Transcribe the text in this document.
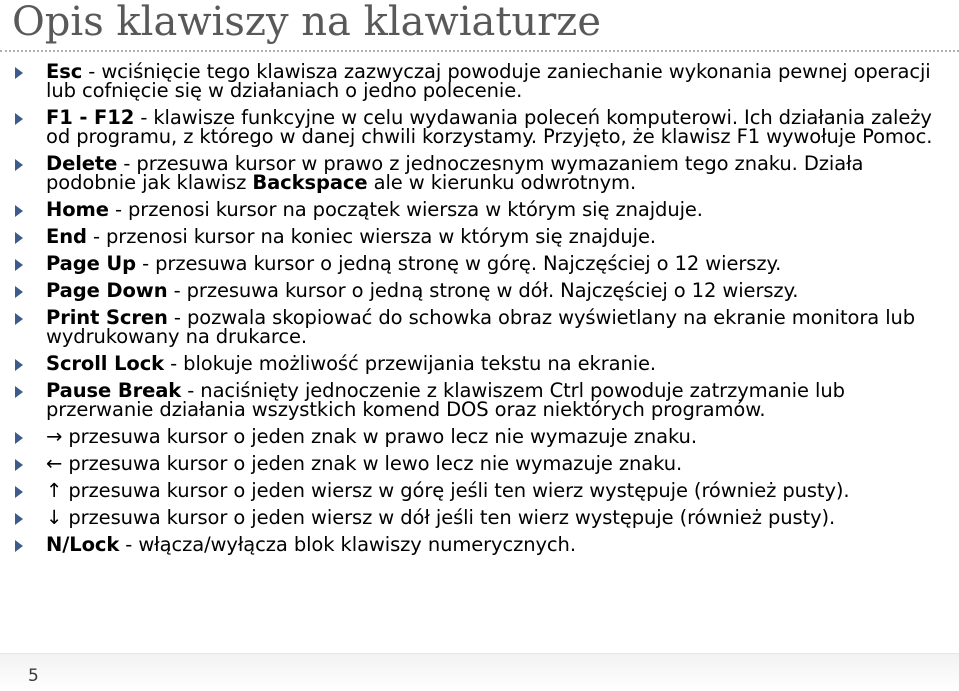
Opis klawiszy na klawiaturze
Esc - wciśnięcie tego klawisza zazwyczaj powoduje zaniechanie wykonania pewnej operacji lub cofnięcie się w działaniach o jedno polecenie.
F1 - F12 - klawisze funkcyjne w celu wydawania poleceń komputerowi. Ich działania zależy od programu, z którego w danej chwili korzystamy. Przyjęto, że klawisz F1 wywołuje Pomoc.
Delete - przesuwa kursor w prawo z jednoczesnym wymazaniem tego znaku. Działa podobnie jak klawisz Backspace ale w kierunku odwrotnym.
Home - przenosi kursor na początek wiersza w którym się znajduje.
End - przenosi kursor na koniec wiersza w którym się znajduje.
Page Up - przesuwa kursor o jedną stronę w górę. Najczęściej o 12 wierszy.
Page Down - przesuwa kursor o jedną stronę w dół. Najczęściej o 12 wierszy.
Print Scren - pozwala skopiować do schowka obraz wyświetlany na ekranie monitora lub wydrukowany na drukarce.
Scroll Lock - blokuje możliwość przewijania tekstu na ekranie.
Pause Break - naciśnięty jednoczenie z klawiszem Ctrl powoduje zatrzymanie lub przerwanie działania wszystkich komend DOS oraz niektórych programów.
→ przesuwa kursor o jeden znak w prawo lecz nie wymazuje znaku.
← przesuwa kursor o jeden znak w lewo lecz nie wymazuje znaku.
↑ przesuwa kursor o jeden wiersz w górę jeśli ten wierz występuje (również pusty).
↓ przesuwa kursor o jeden wiersz w dół jeśli ten wierz występuje (również pusty).
N/Lock - włącza/wyłącza blok klawiszy numerycznych.
5
